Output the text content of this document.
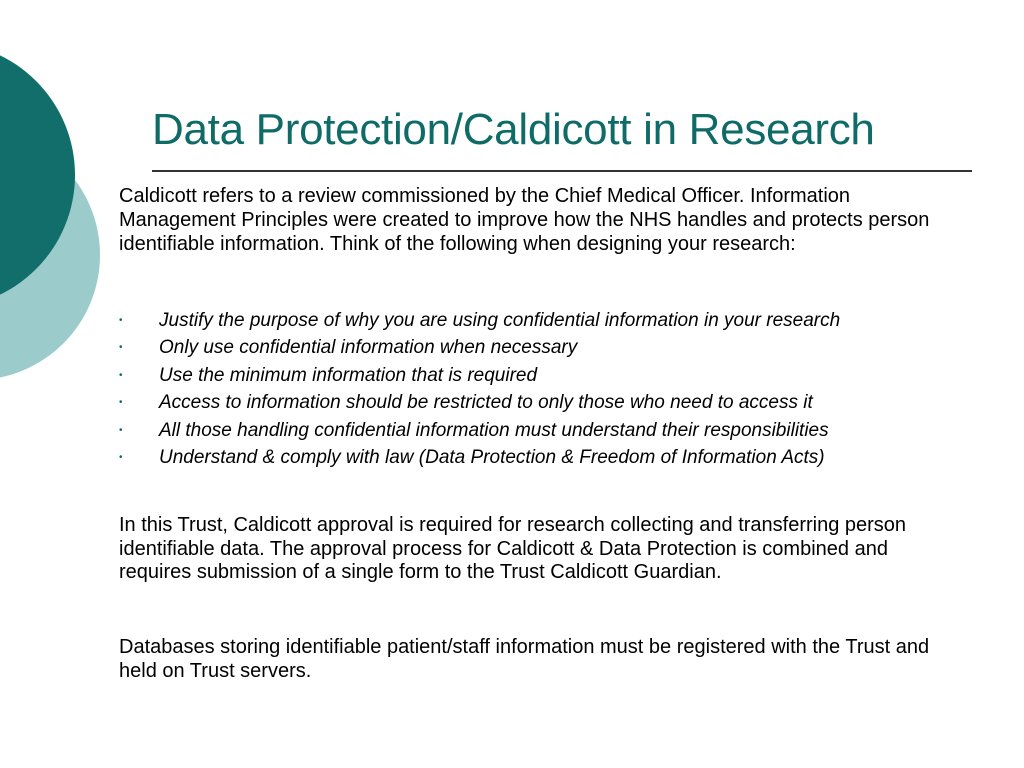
Data Protection/Caldicott in Research

Caldicott refers to a review commissioned by the Chief Medical Officer. Information Management Principles were created to improve how the NHS handles and protects person identifiable information. Think of the following when designing your research:

• Justify the purpose of why you are using confidential information in your research
• Only use confidential information when necessary
• Use the minimum information that is required
• Access to information should be restricted to only those who need to access it
• All those handling confidential information must understand their responsibilities
• Understand & comply with law (Data Protection & Freedom of Information Acts)

In this Trust, Caldicott approval is required for research collecting and transferring person identifiable data. The approval process for Caldicott & Data Protection is combined and requires submission of a single form to the Trust Caldicott Guardian.

Databases storing identifiable patient/staff information must be registered with the Trust and held on Trust servers.
